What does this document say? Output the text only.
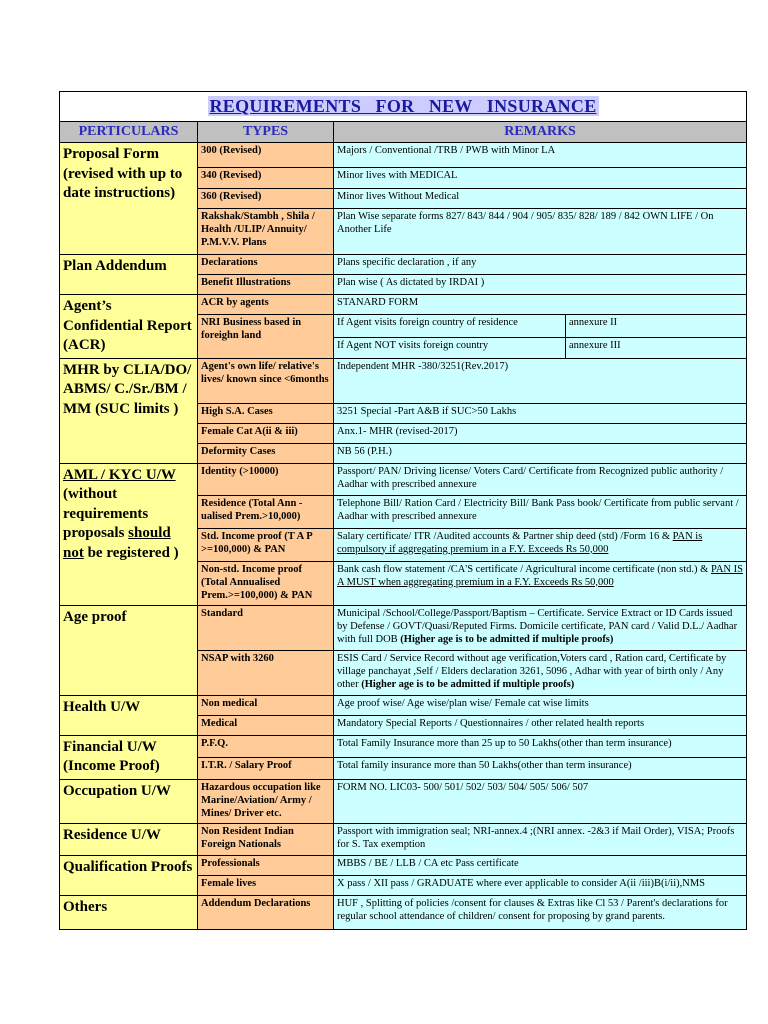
REQUIREMENTS   FOR   NEW   INSURANCE			
PERTICULARS	TYPES	REMARKS	
Proposal Form (revised with up to date instructions)	300 (Revised)	Majors / Conventional /TRB / PWB with Minor LA	
	340 (Revised)	Minor lives with MEDICAL	
	360 (Revised)	Minor lives Without Medical	
	Rakshak/Stambh , Shila / Health /ULIP/ Annuity/ P.M.V.V. Plans	Plan Wise separate forms 827/ 843/ 844 / 904 / 905/ 835/ 828/ 189 / 842 OWN LIFE / On Another Life	
Plan Addendum	Declarations	Plans specific declaration , if any	
	Benefit Illustrations	Plan wise ( As dictated by IRDAI )	
Agent’s Confidential Report (ACR)	ACR by agents	STANARD FORM	
	NRI Business based in foreighn land	If Agent visits foreign country of residence	annexure II
		If Agent NOT visits foreign country	annexure III
MHR by CLIA/DO/ ABMS/ C./Sr./BM / MM (SUC limits )	Agent's own life/ relative's lives/ known since <6months	Independent MHR -380/3251(Rev.2017)	
	High S.A. Cases	3251 Special -Part A&B if SUC>50 Lakhs	
	Female Cat A(ii & iii)	Anx.1- MHR (revised-2017)	
	Deformity Cases	NB 56 (P.H.)	
AML / KYC U/W (without requirements proposals should not be registered )	Identity (>10000)	Passport/ PAN/ Driving license/ Voters Card/ Certificate from Recognized public authority / Aadhar with prescribed annexure	
	Residence (Total Ann -ualised Prem.>10,000)	Telephone Bill/ Ration Card / Electricity Bill/ Bank Pass book/ Certificate from public servant / Aadhar with prescribed annexure	
	Std. Income proof (T A P >=100,000) & PAN	Salary certificate/ ITR /Audited accounts & Partner ship deed (std) /Form 16 & PAN is compulsory if aggregating premium in a F.Y. Exceeds Rs 50,000	
	Non-std. Income proof (Total Annualised Prem.>=100,000) & PAN	Bank cash flow statement /CA'S certificate / Agricultural income certificate (non std.) & PAN IS A MUST when aggregating premium in a F.Y. Exceeds Rs 50,000	
Age proof	Standard	Municipal /School/College/Passport/Baptism – Certificate. Service Extract or ID Cards issued by Defense / GOVT/Quasi/Reputed Firms. Domicile certificate, PAN card / Valid D.L./ Aadhar with full DOB (Higher age is to be admitted if multiple proofs)	
	NSAP with 3260	ESIS Card / Service Record without age verification,Voters card , Ration card, Certificate by village panchayat ,Self / Elders declaration 3261, 5096 , Adhar with year of birth only / Any other (Higher age is to be admitted if multiple proofs)	
Health U/W	Non medical	Age proof wise/ Age wise/plan wise/ Female cat wise limits	
	Medical	Mandatory Special Reports / Questionnaires / other related health reports	
Financial U/W (Income Proof)	P.F.Q.	Total Family Insurance more than 25 up to 50 Lakhs(other than term insurance)	
	I.T.R. / Salary Proof	Total family insurance more than 50 Lakhs(other than term insurance)	
Occupation U/W	Hazardous occupation like Marine/Aviation/ Army / Mines/ Driver etc.	FORM NO. LIC03- 500/ 501/ 502/ 503/ 504/ 505/ 506/ 507	
Residence U/W	Non Resident Indian Foreign Nationals	Passport with immigration seal; NRI-annex.4 ;(NRI annex. -2&3 if Mail Order), VISA; Proofs for S. Tax exemption	
Qualification Proofs	Professionals	MBBS / BE / LLB / CA etc Pass certificate	
	Female lives	X pass / XII pass / GRADUATE where ever applicable to consider A(ii /iii)B(i/ii),NMS	
Others	Addendum Declarations	HUF , Splitting of policies /consent for clauses & Extras like Cl 53 / Parent's declarations for regular school attendance of children/ consent for proposing by grand parents.	
